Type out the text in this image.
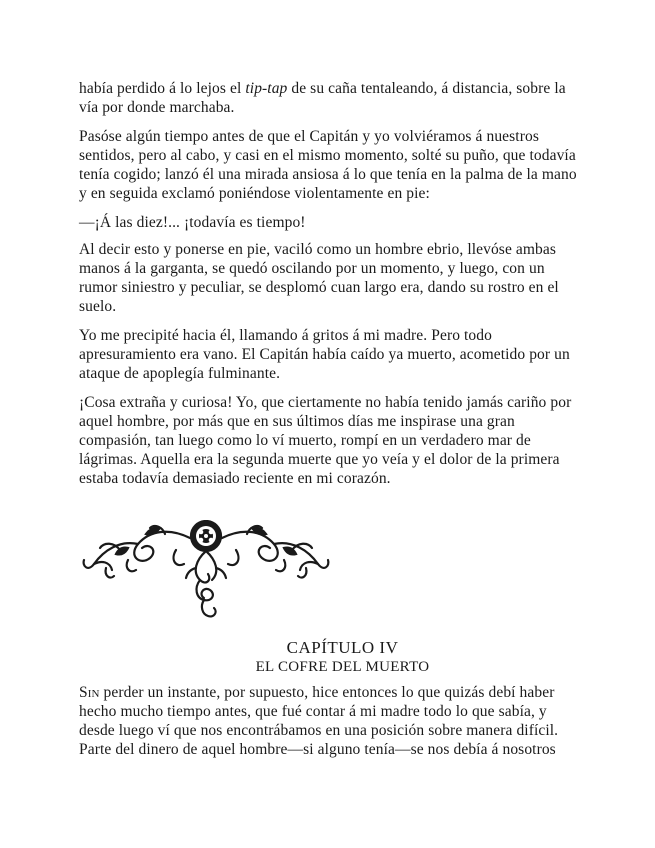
había perdido á lo lejos el tip-tap de su caña tentaleando, á distancia, sobre la vía por donde marchaba.

Pasóse algún tiempo antes de que el Capitán y yo volviéramos á nuestros sentidos, pero al cabo, y casi en el mismo momento, solté su puño, que todavía tenía cogido; lanzó él una mirada ansiosa á lo que tenía en la palma de la mano y en seguida exclamó poniéndose violentamente en pie:

—¡Á las diez!... ¡todavía es tiempo!

Al decir esto y ponerse en pie, vaciló como un hombre ebrio, llevóse ambas manos á la garganta, se quedó oscilando por un momento, y luego, con un rumor siniestro y peculiar, se desplomó cuan largo era, dando su rostro en el suelo.

Yo me precipité hacia él, llamando á gritos á mi madre. Pero todo apresuramiento era vano. El Capitán había caído ya muerto, acometido por un ataque de apoplegía fulminante.

¡Cosa extraña y curiosa! Yo, que ciertamente no había tenido jamás cariño por aquel hombre, por más que en sus últimos días me inspirase una gran compasión, tan luego como lo ví muerto, rompí en un verdadero mar de lágrimas. Aquella era la segunda muerte que yo veía y el dolor de la primera estaba todavía demasiado reciente en mi corazón.

CAPÍTULO IV
EL COFRE DEL MUERTO

Sin perder un instante, por supuesto, hice entonces lo que quizás debí haber hecho mucho tiempo antes, que fué contar á mi madre todo lo que sabía, y desde luego ví que nos encontrábamos en una posición sobre manera difícil. Parte del dinero de aquel hombre—si alguno tenía—se nos debía á nosotros
